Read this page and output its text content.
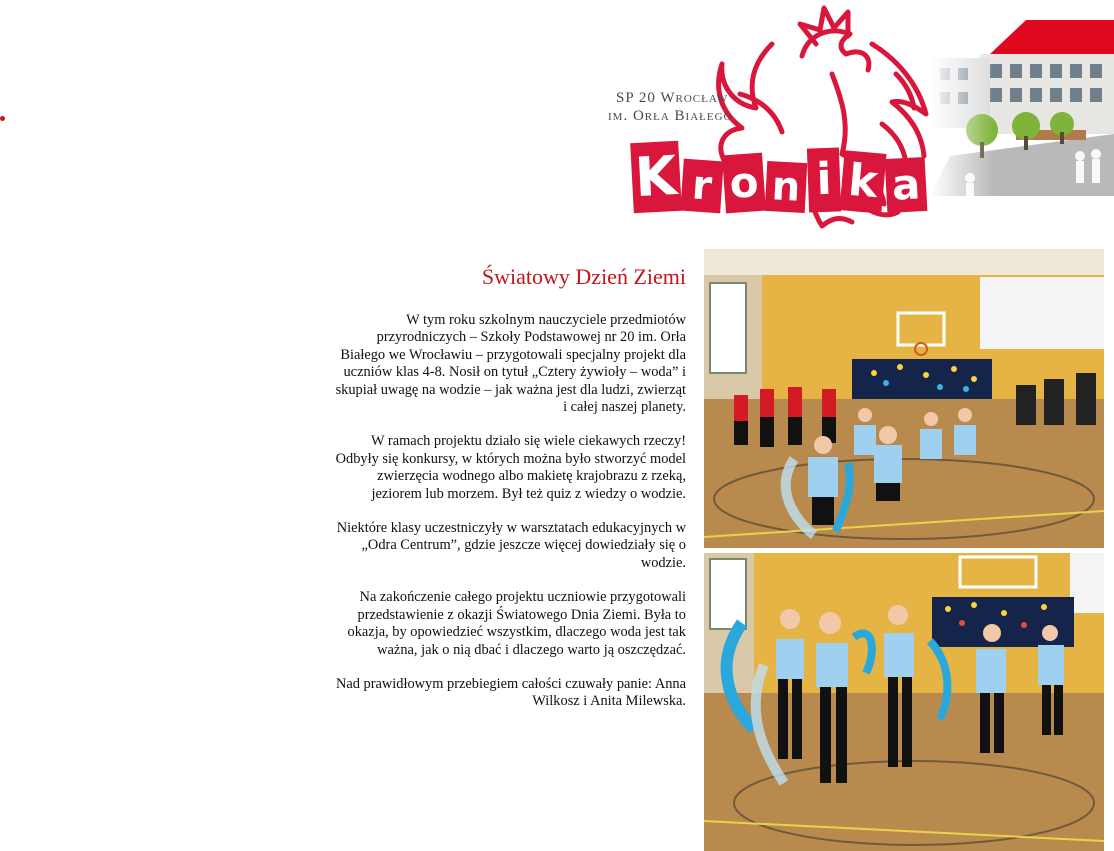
SP 20 Wrocław
im. Orła Białego
K r o n i k a
Światowy Dzień Ziemi

W tym roku szkolnym nauczyciele przedmiotów przyrodniczych – Szkoły Podstawowej nr 20 im. Orła Białego we Wrocławiu – przygotowali specjalny projekt dla uczniów klas 4-8. Nosił on tytuł „Cztery żywioły – woda” i skupiał uwagę na wodzie – jak ważna jest dla ludzi, zwierząt i całej naszej planety.

W ramach projektu działo się wiele ciekawych rzeczy! Odbyły się konkursy, w których można było stworzyć model zwierzęcia wodnego albo makietę krajobrazu z rzeką, jeziorem lub morzem. Był też quiz z wiedzy o wodzie.

Niektóre klasy uczestniczyły w warsztatach edukacyjnych w „Odra Centrum”, gdzie jeszcze więcej dowiedziały się o wodzie.

Na zakończenie całego projektu uczniowie przygotowali przedstawienie z okazji Światowego Dnia Ziemi. Była to okazja, by opowiedzieć wszystkim, dlaczego woda jest tak ważna, jak o nią dbać i dlaczego warto ją oszczędzać.

Nad prawidłowym przebiegiem całości czuwały panie: Anna Wilkosz i Anita Milewska.
